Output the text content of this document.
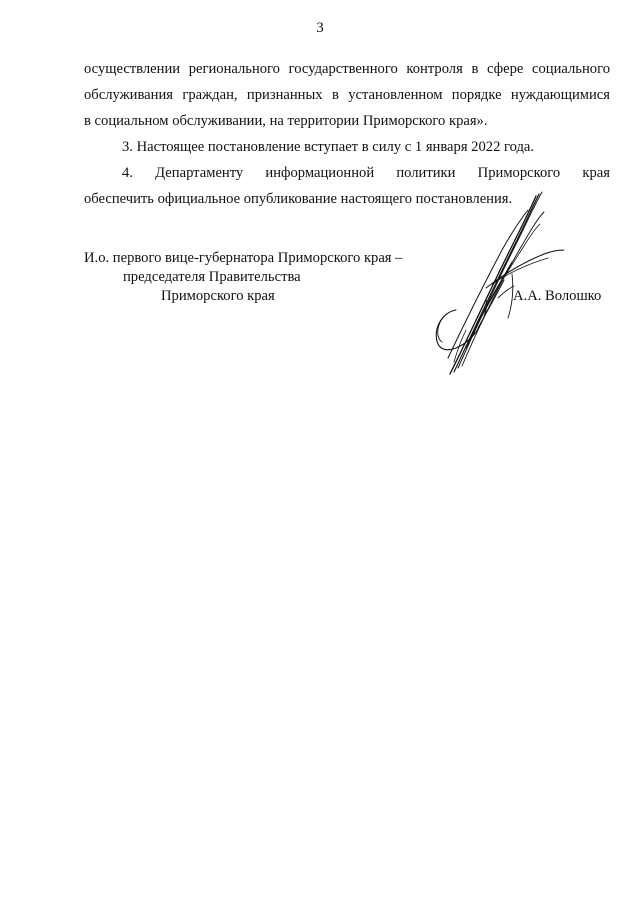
3
осуществлении регионального государственного контроля в сфере социального
обслуживания граждан, признанных в установленном порядке нуждающимися
в социальном обслуживании, на территории Приморского края».
3. Настоящее постановление вступает в силу с 1 января 2022 года.
4. Департаменту информационной политики Приморского края
обеспечить официальное опубликование настоящего постановления.
И.о. первого вице-губернатора Приморского края –
председателя Правительства
Приморского края	А.А. Волошко
